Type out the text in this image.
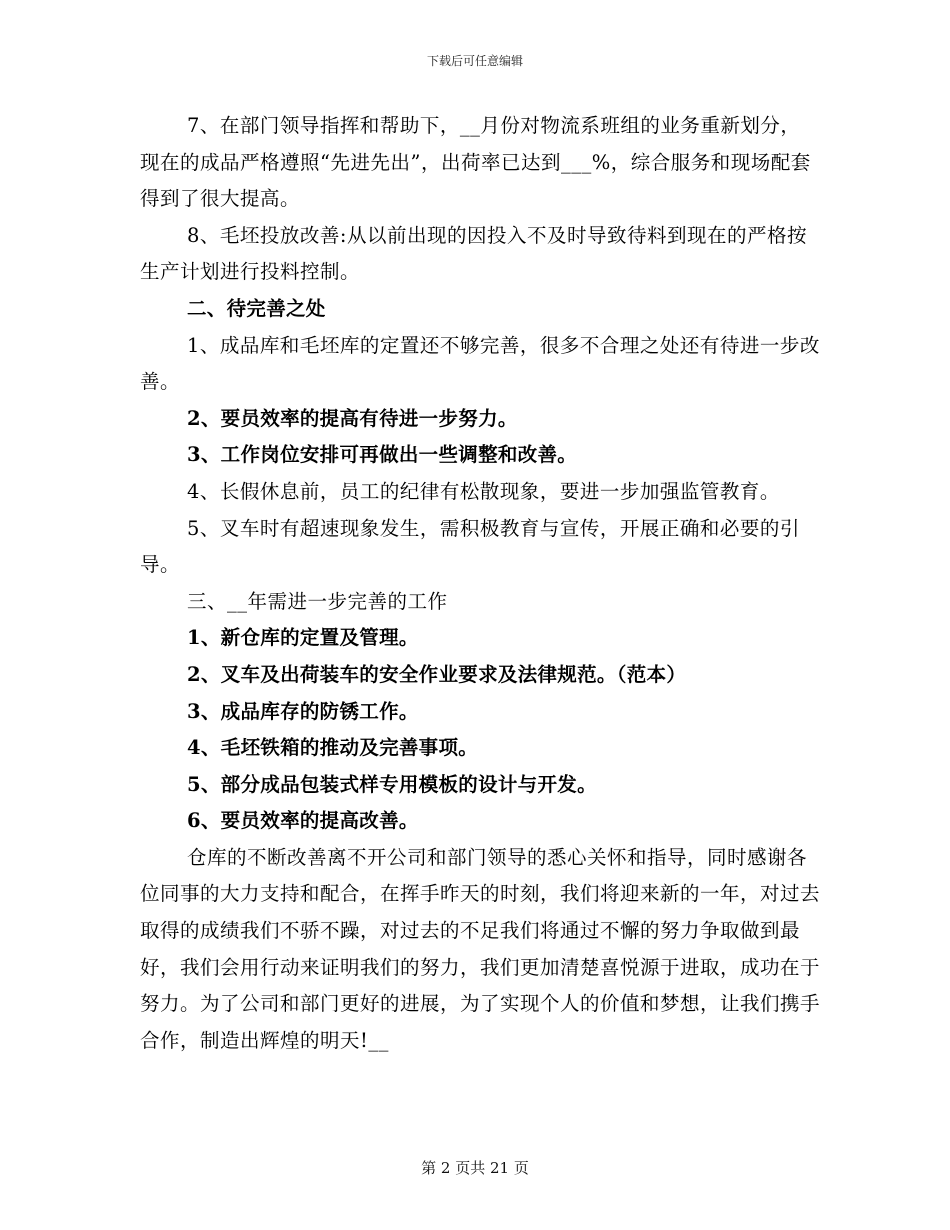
下载后可任意编辑

7、在部门领导指挥和帮助下，__月份对物流系班组的业务重新划分，现在的成品严格遵照“先进先出”，出荷率已达到___%，综合服务和现场配套得到了很大提高。

8、毛坯投放改善:从以前出现的因投入不及时导致待料到现在的严格按生产计划进行投料控制。

二、待完善之处

1、成品库和毛坯库的定置还不够完善，很多不合理之处还有待进一步改善。

2、要员效率的提高有待进一步努力。

3、工作岗位安排可再做出一些调整和改善。

4、长假休息前，员工的纪律有松散现象，要进一步加强监管教育。

5、叉车时有超速现象发生，需积极教育与宣传，开展正确和必要的引导。

三、__年需进一步完善的工作

1、新仓库的定置及管理。

2、叉车及出荷装车的安全作业要求及法律规范。（范本）

3、成品库存的防锈工作。

4、毛坯铁箱的推动及完善事项。

5、部分成品包装式样专用模板的设计与开发。

6、要员效率的提高改善。

仓库的不断改善离不开公司和部门领导的悉心关怀和指导，同时感谢各位同事的大力支持和配合，在挥手昨天的时刻，我们将迎来新的一年，对过去取得的成绩我们不骄不躁，对过去的不足我们将通过不懈的努力争取做到最好，我们会用行动来证明我们的努力，我们更加清楚喜悦源于进取，成功在于努力。为了公司和部门更好的进展，为了实现个人的价值和梦想，让我们携手合作，制造出辉煌的明天!__

第 2 页共 21 页
